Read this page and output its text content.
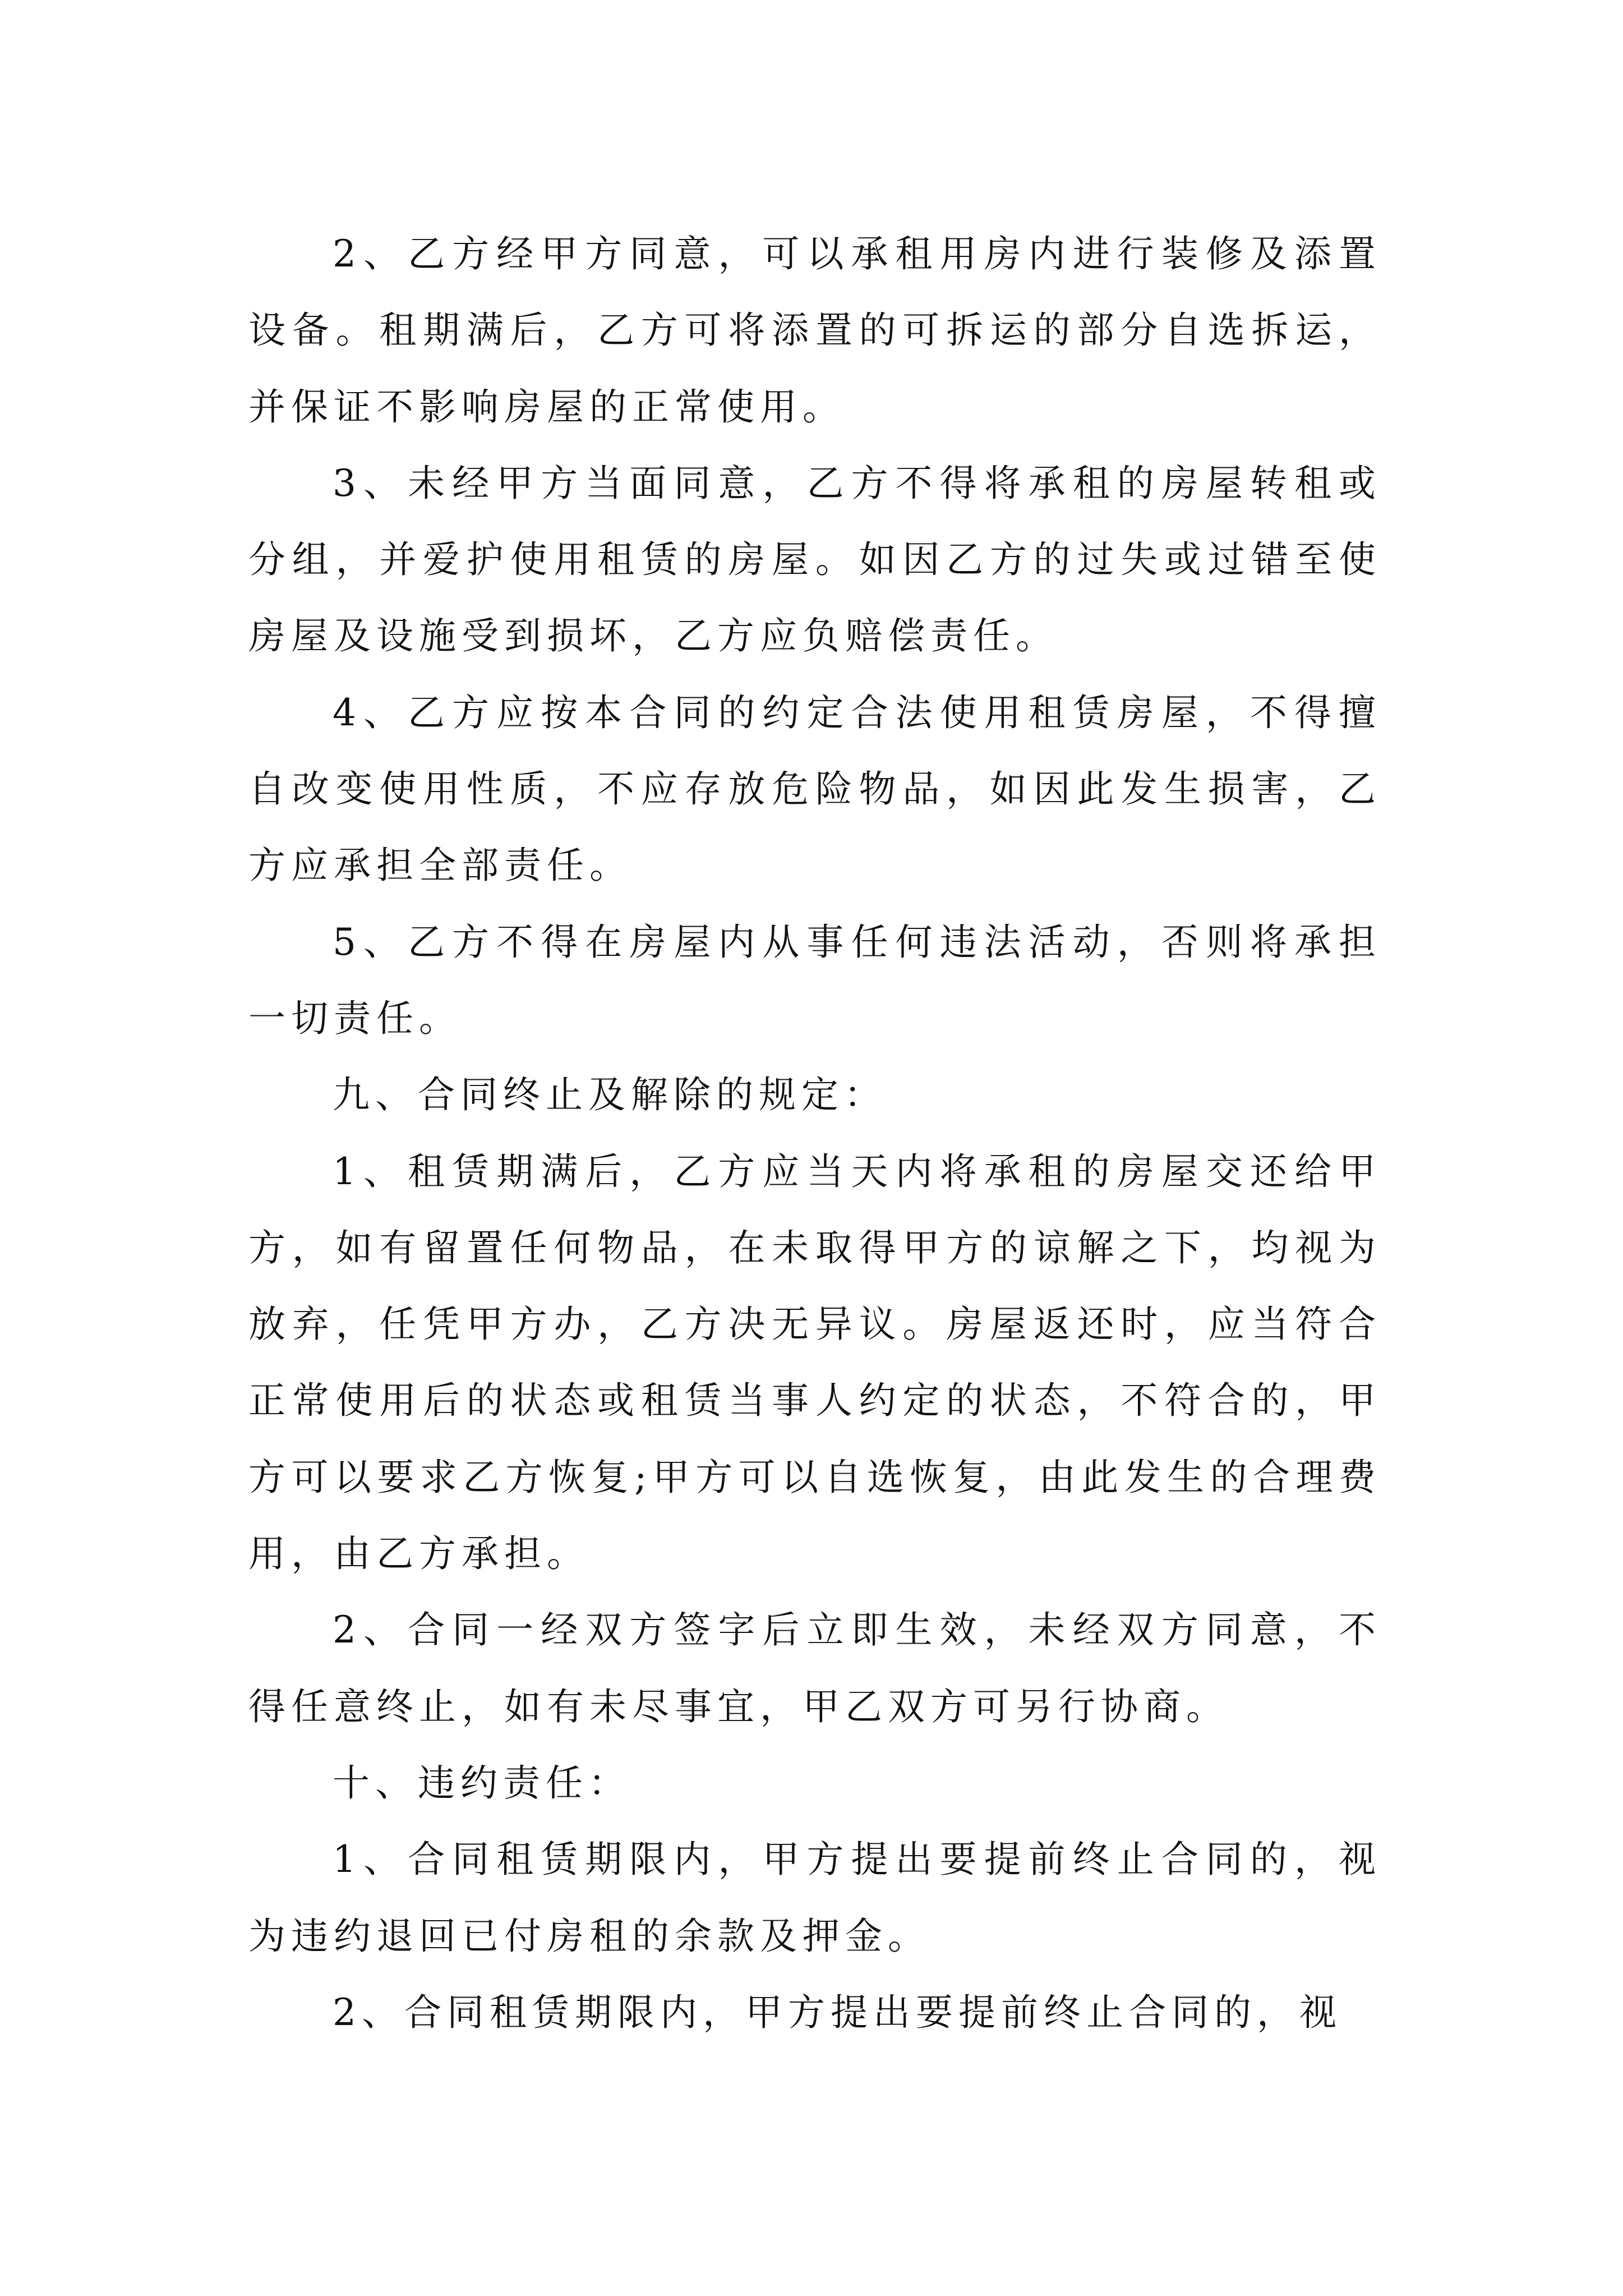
2、乙方经甲方同意，可以承租用房内进行装修及添置设备。租期满后，乙方可将添置的可拆运的部分自选拆运，并保证不影响房屋的正常使用。

3、未经甲方当面同意，乙方不得将承租的房屋转租或分组，并爱护使用租赁的房屋。如因乙方的过失或过错至使房屋及设施受到损坏，乙方应负赔偿责任。

4、乙方应按本合同的约定合法使用租赁房屋，不得擅自改变使用性质，不应存放危险物品，如因此发生损害，乙方应承担全部责任。

5、乙方不得在房屋内从事任何违法活动，否则将承担一切责任。

九、合同终止及解除的规定：

1、租赁期满后，乙方应当天内将承租的房屋交还给甲方，如有留置任何物品，在未取得甲方的谅解之下，均视为放弃，任凭甲方办，乙方决无异议。房屋返还时，应当符合正常使用后的状态或租赁当事人约定的状态，不符合的，甲方可以要求乙方恢复;甲方可以自选恢复，由此发生的合理费用，由乙方承担。

2、合同一经双方签字后立即生效，未经双方同意，不得任意终止，如有未尽事宜，甲乙双方可另行协商。

十、违约责任：

1、合同租赁期限内，甲方提出要提前终止合同的，视为违约退回已付房租的余款及押金。

2、合同租赁期限内，甲方提出要提前终止合同的，视
